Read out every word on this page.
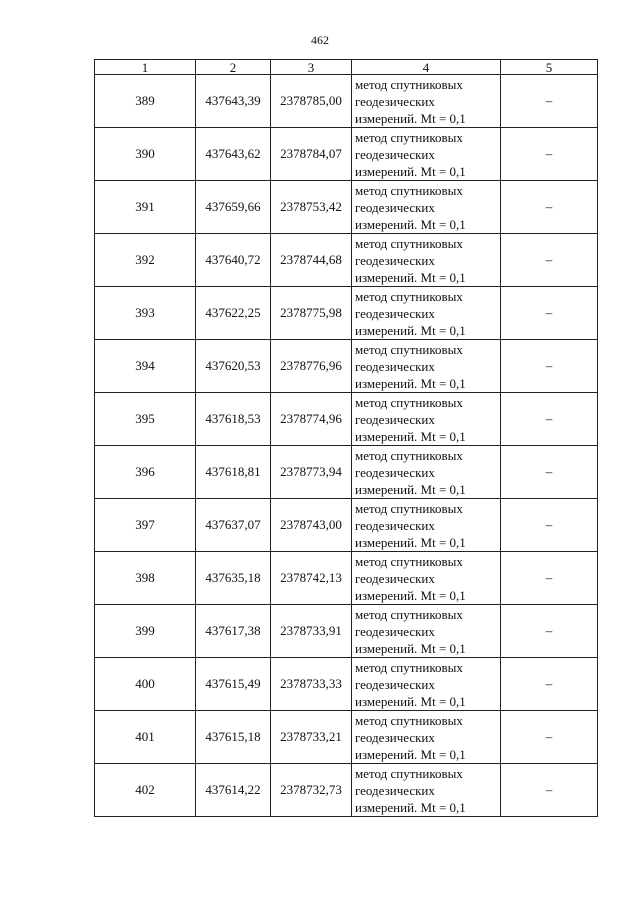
462
1	2	3	4	5
389	437643,39	2378785,00	метод спутниковых
геодезических
измерений. Mt = 0,1	–
390	437643,62	2378784,07	метод спутниковых
геодезических
измерений. Mt = 0,1	–
391	437659,66	2378753,42	метод спутниковых
геодезических
измерений. Mt = 0,1	–
392	437640,72	2378744,68	метод спутниковых
геодезических
измерений. Mt = 0,1	–
393	437622,25	2378775,98	метод спутниковых
геодезических
измерений. Mt = 0,1	–
394	437620,53	2378776,96	метод спутниковых
геодезических
измерений. Mt = 0,1	–
395	437618,53	2378774,96	метод спутниковых
геодезических
измерений. Mt = 0,1	–
396	437618,81	2378773,94	метод спутниковых
геодезических
измерений. Mt = 0,1	–
397	437637,07	2378743,00	метод спутниковых
геодезических
измерений. Mt = 0,1	–
398	437635,18	2378742,13	метод спутниковых
геодезических
измерений. Mt = 0,1	–
399	437617,38	2378733,91	метод спутниковых
геодезических
измерений. Mt = 0,1	–
400	437615,49	2378733,33	метод спутниковых
геодезических
измерений. Mt = 0,1	–
401	437615,18	2378733,21	метод спутниковых
геодезических
измерений. Mt = 0,1	–
402	437614,22	2378732,73	метод спутниковых
геодезических
измерений. Mt = 0,1	–
